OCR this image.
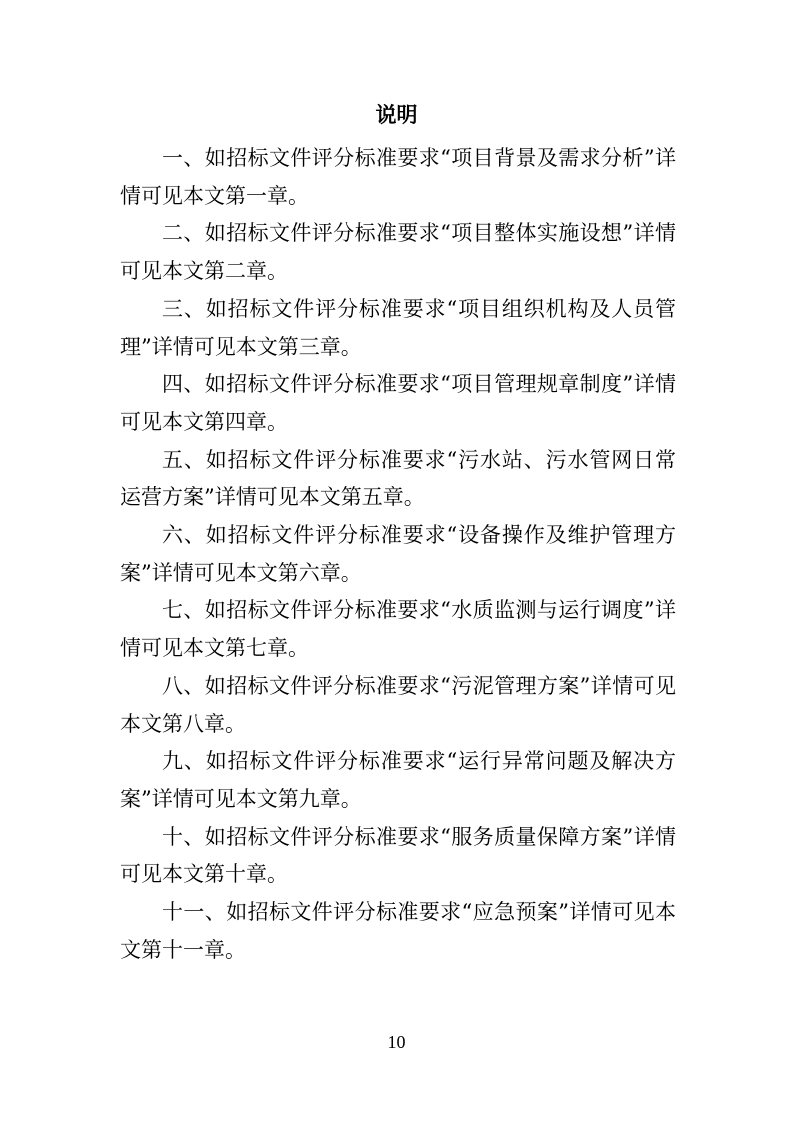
说明

一、如招标文件评分标准要求“项目背景及需求分析”详情可见本文第一章。

二、如招标文件评分标准要求“项目整体实施设想”详情可见本文第二章。

三、如招标文件评分标准要求“项目组织机构及人员管理”详情可见本文第三章。

四、如招标文件评分标准要求“项目管理规章制度”详情可见本文第四章。

五、如招标文件评分标准要求“污水站、污水管网日常运营方案”详情可见本文第五章。

六、如招标文件评分标准要求“设备操作及维护管理方案”详情可见本文第六章。

七、如招标文件评分标准要求“水质监测与运行调度”详情可见本文第七章。

八、如招标文件评分标准要求“污泥管理方案”详情可见本文第八章。

九、如招标文件评分标准要求“运行异常问题及解决方案”详情可见本文第九章。

十、如招标文件评分标准要求“服务质量保障方案”详情可见本文第十章。

十一、如招标文件评分标准要求“应急预案”详情可见本文第十一章。

10
